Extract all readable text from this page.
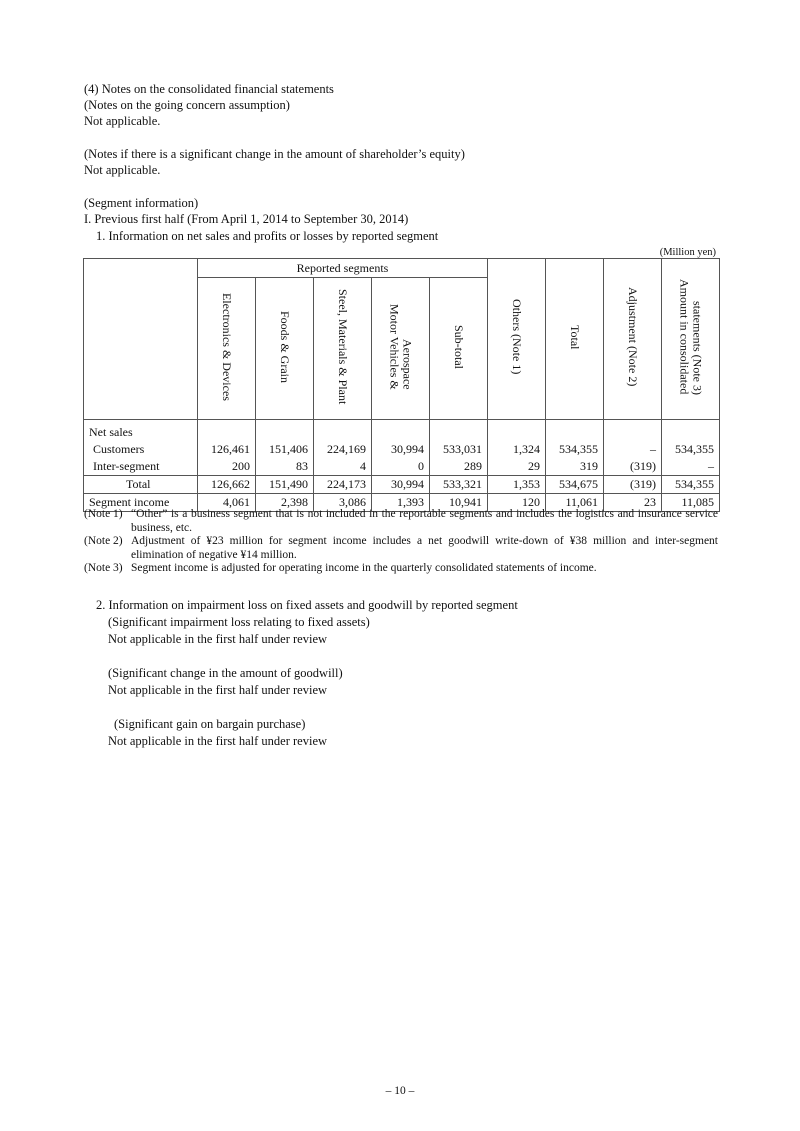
(4) Notes on the consolidated financial statements
(Notes on the going concern assumption)
Not applicable.
(Notes if there is a significant change in the amount of shareholder’s equity)
Not applicable.
(Segment information)
I. Previous first half (From April 1, 2014 to September 30, 2014)
1. Information on net sales and profits or losses by reported segment
(Million yen)
	Reported segments					Others (Note 1)	Total	Adjustment (Note 2)	Amount in consolidatedstatements (Note 3)
	Electronics & Devices	Foods & Grain	Steel, Materials & Plant	Motor Vehicles &Aerospace	Sub-total				
Net sales									
Customers	126,461	151,406	224,169	30,994	533,031	1,324	534,355	–	534,355
Inter-segment	200	83	4	0	289	29	319	(319)	–
Total	126,662	151,490	224,173	30,994	533,321	1,353	534,675	(319)	534,355
Segment income	4,061	2,398	3,086	1,393	10,941	120	11,061	23	11,085
(Note 1) “Other” is a business segment that is not included in the reportable segments and includes the logistics and insurance service business, etc.
(Note 2) Adjustment of ¥23 million for segment income includes a net goodwill write-down of ¥38 million and inter-segment elimination of negative ¥14 million.
(Note 3) Segment income is adjusted for operating income in the quarterly consolidated statements of income.
2. Information on impairment loss on fixed assets and goodwill by reported segment
(Significant impairment loss relating to fixed assets)
Not applicable in the first half under review
(Significant change in the amount of goodwill)
Not applicable in the first half under review
(Significant gain on bargain purchase)
Not applicable in the first half under review
– 10 –
